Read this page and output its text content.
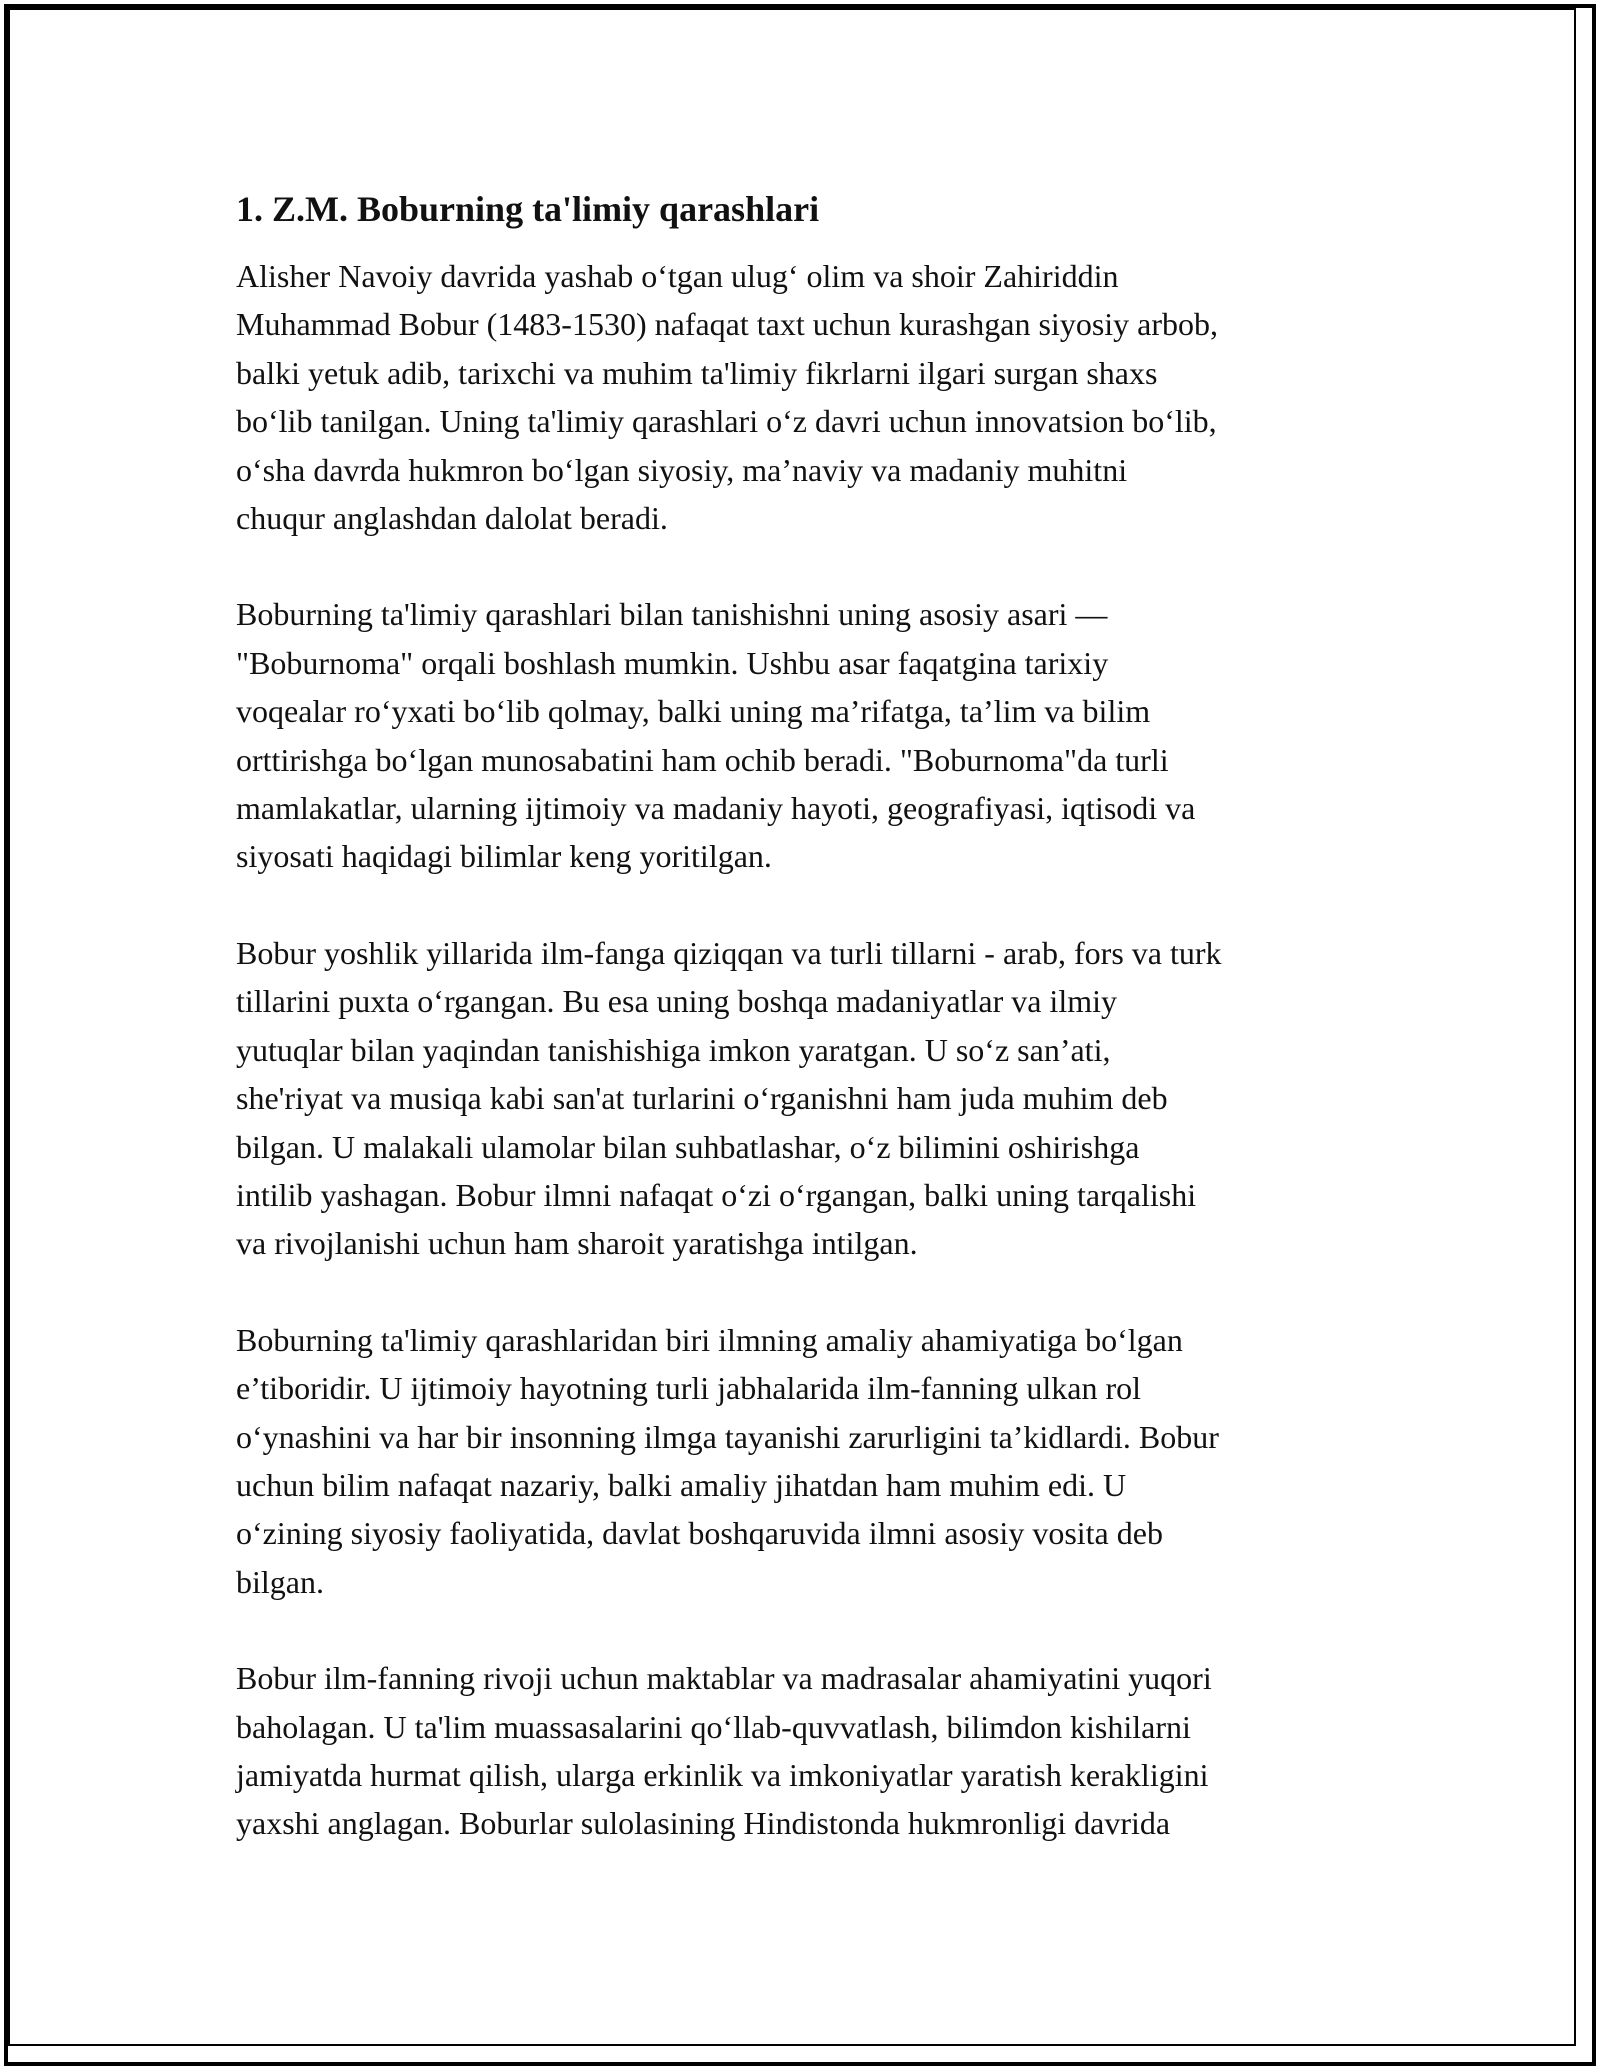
1. Z.M. Boburning ta'limiy qarashlari

Alisher Navoiy davrida yashab o‘tgan ulug‘ olim va shoir Zahiriddin
Muhammad Bobur (1483-1530) nafaqat taxt uchun kurashgan siyosiy arbob,
balki yetuk adib, tarixchi va muhim ta'limiy fikrlarni ilgari surgan shaxs
bo‘lib tanilgan. Uning ta'limiy qarashlari o‘z davri uchun innovatsion bo‘lib,
o‘sha davrda hukmron bo‘lgan siyosiy, ma’naviy va madaniy muhitni
chuqur anglashdan dalolat beradi.

Boburning ta'limiy qarashlari bilan tanishishni uning asosiy asari —
"Boburnoma" orqali boshlash mumkin. Ushbu asar faqatgina tarixiy
voqealar ro‘yxati bo‘lib qolmay, balki uning ma’rifatga, ta’lim va bilim
orttirishga bo‘lgan munosabatini ham ochib beradi. "Boburnoma"da turli
mamlakatlar, ularning ijtimoiy va madaniy hayoti, geografiyasi, iqtisodi va
siyosati haqidagi bilimlar keng yoritilgan.

Bobur yoshlik yillarida ilm-fanga qiziqqan va turli tillarni - arab, fors va turk
tillarini puxta o‘rgangan. Bu esa uning boshqa madaniyatlar va ilmiy
yutuqlar bilan yaqindan tanishishiga imkon yaratgan. U so‘z san’ati,
she'riyat va musiqa kabi san'at turlarini o‘rganishni ham juda muhim deb
bilgan. U malakali ulamolar bilan suhbatlashar, o‘z bilimini oshirishga
intilib yashagan. Bobur ilmni nafaqat o‘zi o‘rgangan, balki uning tarqalishi
va rivojlanishi uchun ham sharoit yaratishga intilgan.

Boburning ta'limiy qarashlaridan biri ilmning amaliy ahamiyatiga bo‘lgan
e’tiboridir. U ijtimoiy hayotning turli jabhalarida ilm-fanning ulkan rol
o‘ynashini va har bir insonning ilmga tayanishi zarurligini ta’kidlardi. Bobur
uchun bilim nafaqat nazariy, balki amaliy jihatdan ham muhim edi. U
o‘zining siyosiy faoliyatida, davlat boshqaruvida ilmni asosiy vosita deb
bilgan.

Bobur ilm-fanning rivoji uchun maktablar va madrasalar ahamiyatini yuqori
baholagan. U ta'lim muassasalarini qo‘llab-quvvatlash, bilimdon kishilarni
jamiyatda hurmat qilish, ularga erkinlik va imkoniyatlar yaratish kerakligini
yaxshi anglagan. Boburlar sulolasining Hindistonda hukmronligi davrida
